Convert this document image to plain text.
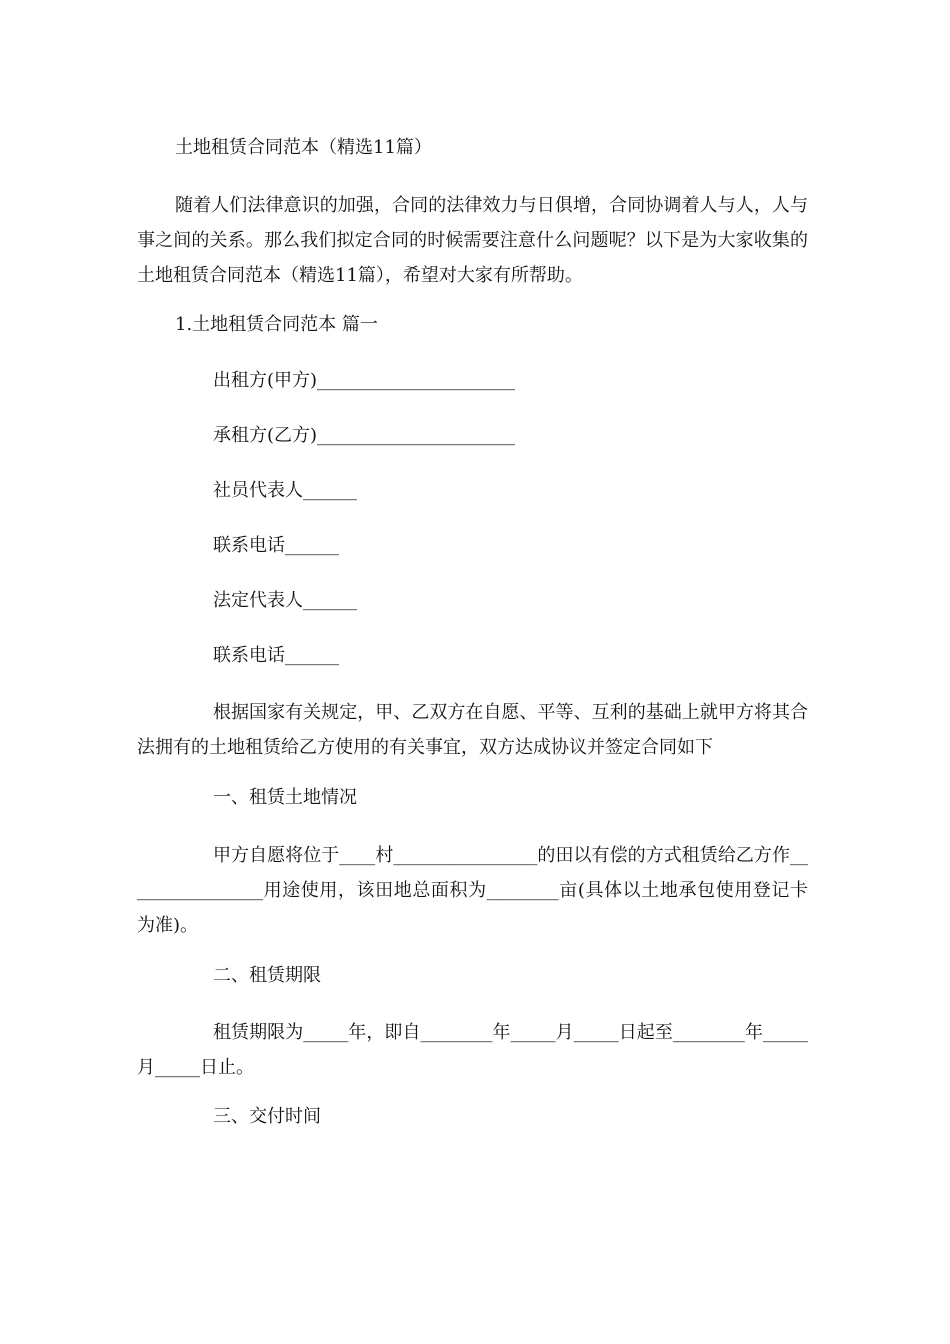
土地租赁合同范本（精选11篇）

随着人们法律意识的加强，合同的法律效力与日俱增，合同协调着人与人，人与事之间的关系。那么我们拟定合同的时候需要注意什么问题呢？以下是为大家收集的土地租赁合同范本（精选11篇），希望对大家有所帮助。

1.土地租赁合同范本 篇一

出租方(甲方)______________________

承租方(乙方)______________________

社员代表人______

联系电话______

法定代表人______

联系电话______

根据国家有关规定，甲、乙双方在自愿、平等、互利的基础上就甲方将其合法拥有的土地租赁给乙方使用的有关事宜，双方达成协议并签定合同如下

一、租赁土地情况

甲方自愿将位于____村________________的田以有偿的方式租赁给乙方作________________用途使用，该田地总面积为________亩(具体以土地承包使用登记卡为准)。

二、租赁期限

租赁期限为_____年，即自________年_____月_____日起至________年_____月_____日止。

三、交付时间
